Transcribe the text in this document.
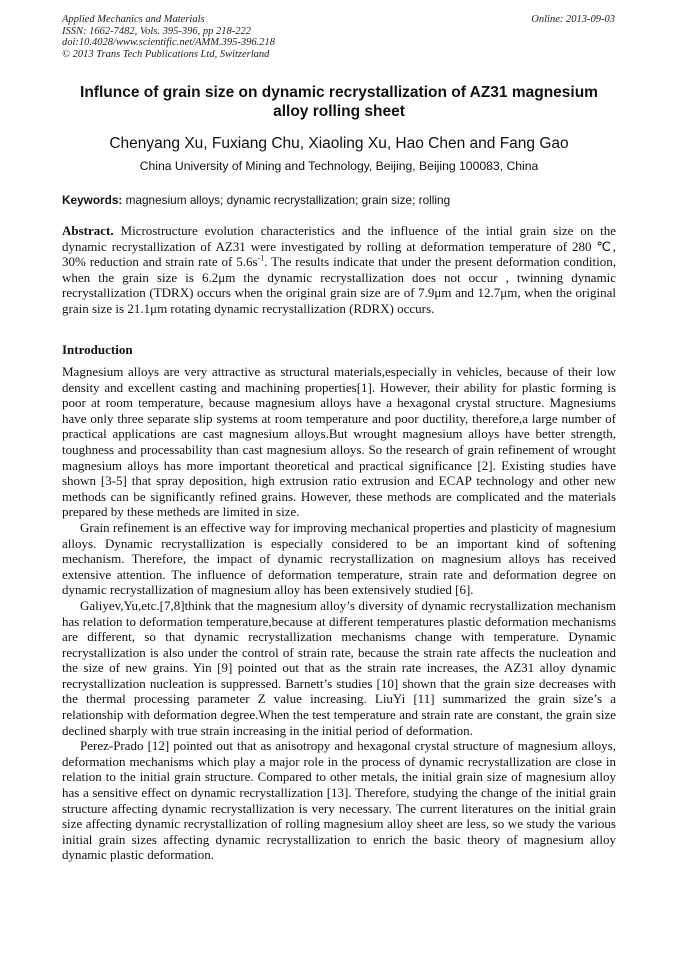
Applied Mechanics and Materials
ISSN: 1662-7482, Vols. 395-396, pp 218-222
doi:10.4028/www.scientific.net/AMM.395-396.218
© 2013 Trans Tech Publications Ltd, Switzerland
Online: 2013-09-03
Influnce of grain size on dynamic recrystallization of AZ31 magnesium alloy rolling sheet
Chenyang Xu, Fuxiang Chu, Xiaoling Xu, Hao Chen and Fang Gao
China University of Mining and Technology, Beijing, Beijing 100083, China
Keywords: magnesium alloys; dynamic recrystallization; grain size; rolling
Abstract. Microstructure evolution characteristics and the influence of the intial grain size on the dynamic recrystallization of AZ31 were investigated by rolling at deformation temperature of 280 ℃, 30% reduction and strain rate of $5.6s^{-1}$. The results indicate that under the present deformation condition, when the grain size is 6.2μm the dynamic recrystallization does not occur , twinning dynamic recrystallization (TDRX) occurs when the original grain size are of 7.9μm and 12.7μm, when the original grain size is 21.1μm rotating dynamic recrystallization (RDRX) occurs.
Introduction

Magnesium alloys are very attractive as structural materials,especially in vehicles, because of their low density and excellent casting and machining properties[1]. However, their ability for plastic forming is poor at room temperature, because magnesium alloys have a hexagonal crystal structure. Magnesiums have only three separate slip systems at room temperature and poor ductility, therefore,a large number of practical applications are cast magnesium alloys.But wrought magnesium alloys have better strength, toughness and processability than cast magnesium alloys. So the research of grain refinement of wrought magnesium alloys has more important theoretical and practical significance [2]. Existing studies have shown [3-5] that spray deposition, high extrusion ratio extrusion and ECAP technology and other new methods can be significantly refined grains. However, these methods are complicated and the materials prepared by these metheds are limited in size.

Grain refinement is an effective way for improving mechanical properties and plasticity of magnesium alloys. Dynamic recrystallization is especially considered to be an important kind of softening mechanism. Therefore, the impact of dynamic recrystallization on magnesium alloys has received extensive attention. The influence of deformation temperature, strain rate and deformation degree on dynamic recrystallization of magnesium alloy has been extensively studied [6].

Galiyev,Yu,etc.[7,8]think that the magnesium alloy’s diversity of dynamic recrystallization mechanism has relation to deformation temperature,because at different temperatures plastic deformation mechanisms are different, so that dynamic recrystallization mechanisms change with temperature. Dynamic recrystallization is also under the control of strain rate, because the strain rate affects the nucleation and the size of new grains. Yin [9] pointed out that as the strain rate increases, the AZ31 alloy dynamic recrystallization nucleation is suppressed. Barnett’s studies [10] shown that the grain size decreases with the thermal processing parameter Z value increasing. LiuYi [11] summarized the grain size’s a relationship with deformation degree.When the test temperature and strain rate are constant, the grain size declined sharply with true strain increasing in the initial period of deformation.

Perez-Prado [12] pointed out that as anisotropy and hexagonal crystal structure of magnesium alloys, deformation mechanisms which play a major role in the process of dynamic recrystallization are close in relation to the initial grain structure. Compared to other metals, the initial grain size of magnesium alloy has a sensitive effect on dynamic recrystallization [13]. Therefore, studying the change of the initial grain structure affecting dynamic recrystallization is very necessary. The current literatures on the initial grain size affecting dynamic recrystallization of rolling magnesium alloy sheet are less, so we study the various initial grain sizes affecting dynamic recrystallization to enrich the basic theory of magnesium alloy dynamic plastic deformation.
